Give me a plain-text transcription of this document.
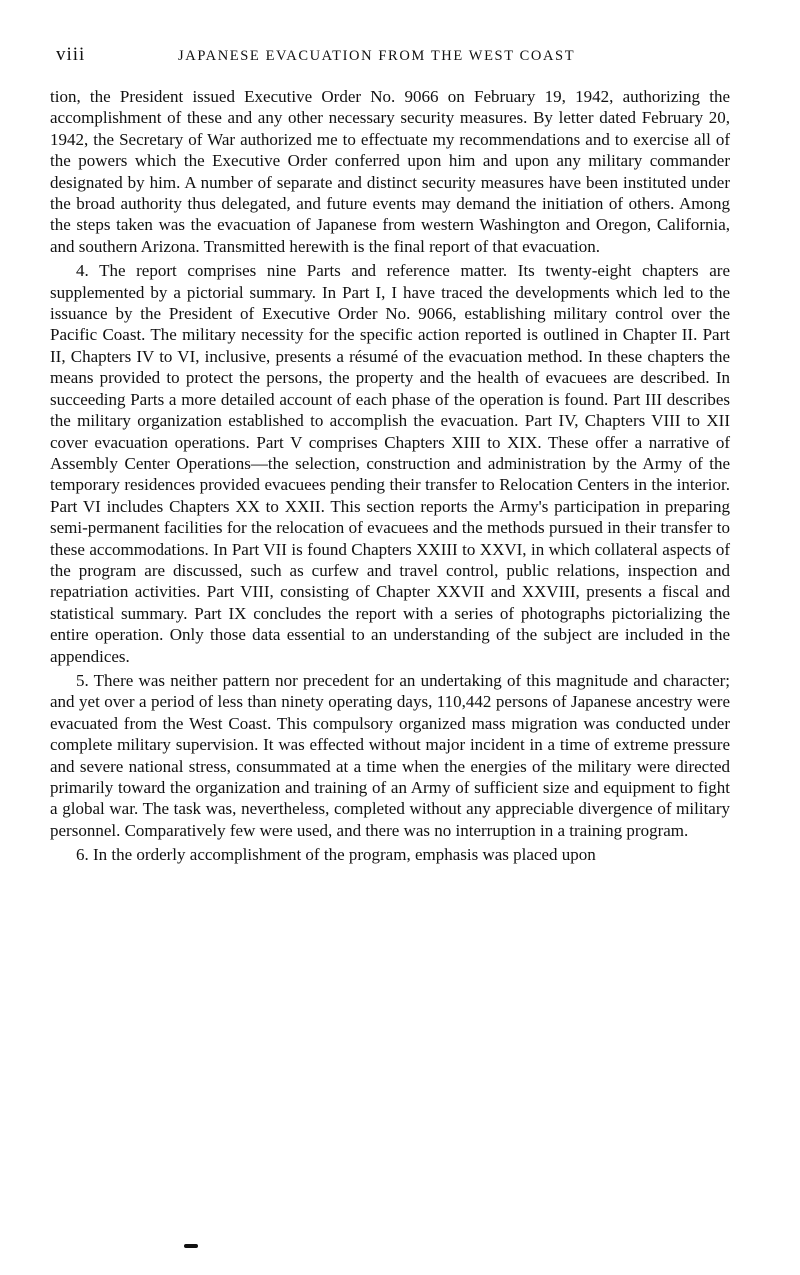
viii	JAPANESE EVACUATION FROM THE WEST COAST

tion, the President issued Executive Order No. 9066 on February 19, 1942, authorizing the accomplishment of these and any other necessary security measures. By letter dated February 20, 1942, the Secretary of War authorized me to effectuate my recommendations and to exercise all of the powers which the Executive Order conferred upon him and upon any military commander designated by him. A number of separate and distinct security measures have been instituted under the broad authority thus delegated, and future events may demand the initiation of others. Among the steps taken was the evacuation of Japanese from western Washington and Oregon, California, and southern Arizona. Transmitted herewith is the final report of that evacuation.

4. The report comprises nine Parts and reference matter. Its twenty-eight chapters are supplemented by a pictorial summary. In Part I, I have traced the developments which led to the issuance by the President of Executive Order No. 9066, establishing military control over the Pacific Coast. The military necessity for the specific action reported is outlined in Chapter II. Part II, Chapters IV to VI, inclusive, presents a résumé of the evacuation method. In these chapters the means provided to protect the persons, the property and the health of evacuees are described. In succeeding Parts a more detailed account of each phase of the operation is found. Part III describes the military organization established to accomplish the evacuation. Part IV, Chapters VIII to XII cover evacuation operations. Part V comprises Chapters XIII to XIX. These offer a narrative of Assembly Center Operations—the selection, construction and administration by the Army of the temporary residences provided evacuees pending their transfer to Relocation Centers in the interior. Part VI includes Chapters XX to XXII. This section reports the Army's participation in preparing semi-permanent facilities for the relocation of evacuees and the methods pursued in their transfer to these accommodations. In Part VII is found Chapters XXIII to XXVI, in which collateral aspects of the program are discussed, such as curfew and travel control, public relations, inspection and repatriation activities. Part VIII, consisting of Chapter XXVII and XXVIII, presents a fiscal and statistical summary. Part IX concludes the report with a series of photographs pictorializing the entire operation. Only those data essential to an understanding of the subject are included in the appendices.

5. There was neither pattern nor precedent for an undertaking of this magnitude and character; and yet over a period of less than ninety operating days, 110,442 persons of Japanese ancestry were evacuated from the West Coast. This compulsory organized mass migration was conducted under complete military supervision. It was effected without major incident in a time of extreme pressure and severe national stress, consummated at a time when the energies of the military were directed primarily toward the organization and training of an Army of sufficient size and equipment to fight a global war. The task was, nevertheless, completed without any appreciable divergence of military personnel. Comparatively few were used, and there was no interruption in a training program.

6. In the orderly accomplishment of the program, emphasis was placed upon
